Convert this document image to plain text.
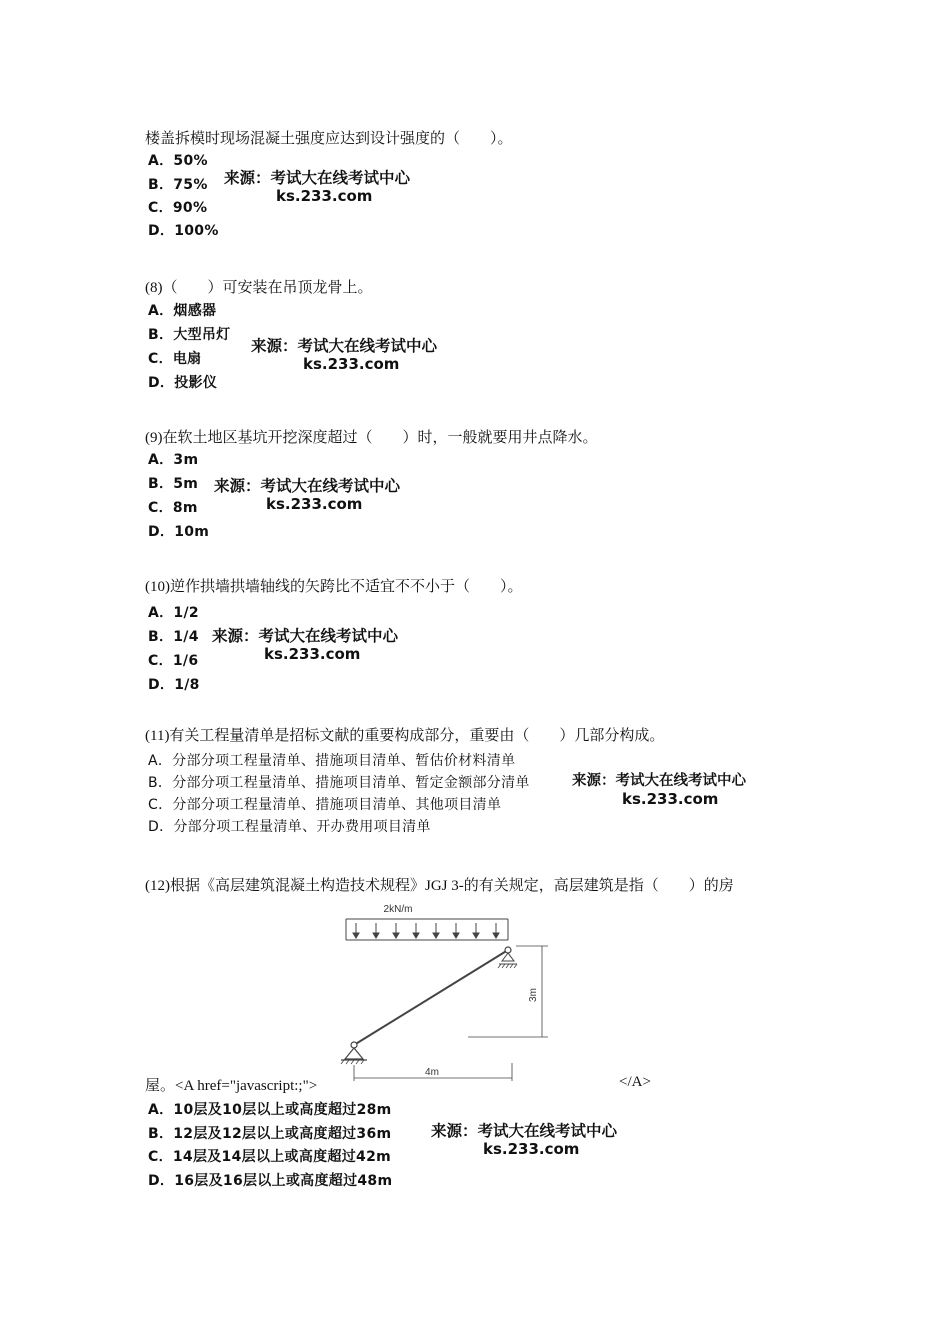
楼盖拆模时现场混凝土强度应达到设计强度的（　　）。
A．50%
B．75%
C．90%
D．100%
来源：考试大在线考试中心
ks.233.com
(8)（　　）可安装在吊顶龙骨上。
A．烟感器
B．大型吊灯
C．电扇
D．投影仪
来源：考试大在线考试中心
ks.233.com
(9)在软土地区基坑开挖深度超过（　　）时，一般就要用井点降水。
A．3m
B．5m
C．8m
D．10m
来源：考试大在线考试中心
ks.233.com
(10)逆作拱墙拱墙轴线的矢跨比不适宜不不小于（　　）。
A．1/2
B．1/4
C．1/6
D．1/8
来源：考试大在线考试中心
ks.233.com
(11)有关工程量清单是招标文献的重要构成部分，重要由（　　）几部分构成。
A．分部分项工程量清单、措施项目清单、暂估价材料清单
B．分部分项工程量清单、措施项目清单、暂定金额部分清单
C．分部分项工程量清单、措施项目清单、其他项目清单
D．分部分项工程量清单、开办费用项目清单
来源：考试大在线考试中心
ks.233.com
(12)根据《高层建筑混凝土构造技术规程》JGJ 3-的有关规定，高层建筑是指（　　）的房
2kN/m
3m
4m
屋。<A href="javascript:;">	</A>
A．10层及10层以上或高度超过28m
B．12层及12层以上或高度超过36m
C．14层及14层以上或高度超过42m
D．16层及16层以上或高度超过48m
来源：考试大在线考试中心
ks.233.com
